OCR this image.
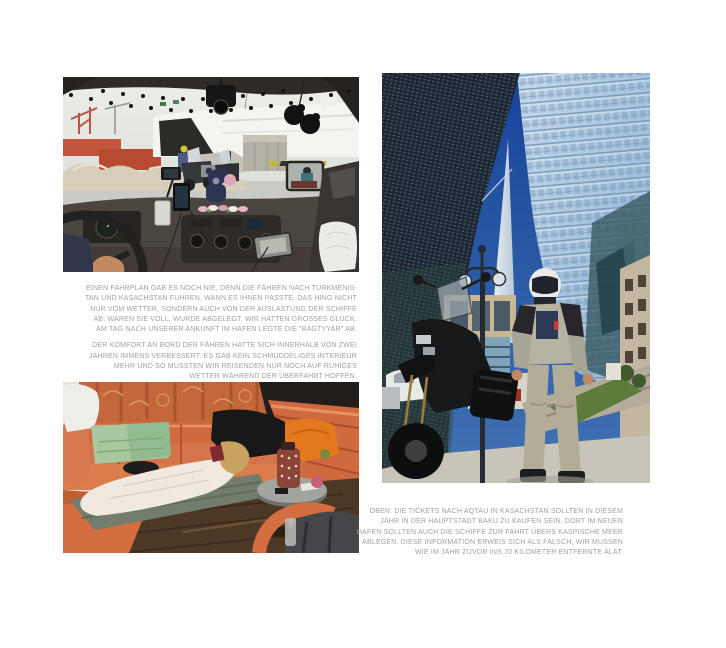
EINEN FAHRPLAN GAB ES NOCH NIE, DENN DIE FÄHREN NACH TURKMENIS-
TAN UND KASACHSTAN FUHREN, WANN ES IHNEN PASSTE. DAS HING NICHT
NUR VOM WETTER, SONDERN AUCH VON DER AUSLASTUNG DER SCHIFFE
AB: WAREN SIE VOLL, WURDE ABGELEGT. WIR HATTEN GROSSES GLÜCK:
AM TAG NACH UNSERER ANKUNFT IM HAFEN LEGTE DIE "BAGTYYAR" AB.
DER KOMFORT AN BORD DER FÄHREN HATTE SICH INNERHALB VON ZWEI
JAHREN IMMENS VERBESSERT. ES GAB KEIN SCHMUDDELIGES INTERIEUR
MEHR UND SO MUSSTEN WIR REISENDEN NUR NOCH AUF RUHIGES
WETTER WÄHREND DER ÜBERFAHRT HOFFEN.
OBEN: DIE TICKETS NACH AQTAU IN KASACHSTAN SOLLTEN IN DIESEM
JAHR IN DER HAUPTSTADT BAKU ZU KAUFEN SEIN. DORT IM NEUEN
HAFEN SOLLTEN AUCH DIE SCHIFFE ZUR FAHRT ÜBERS KASPISCHE MEER
ABLEGEN. DIESE INFORMATION ERWEIS SICH ALS FALSCH, WIR MÜSSEN
WIE IM JAHR ZUVOR INS 70 KILOMETER ENTFERNTE ALAT.
